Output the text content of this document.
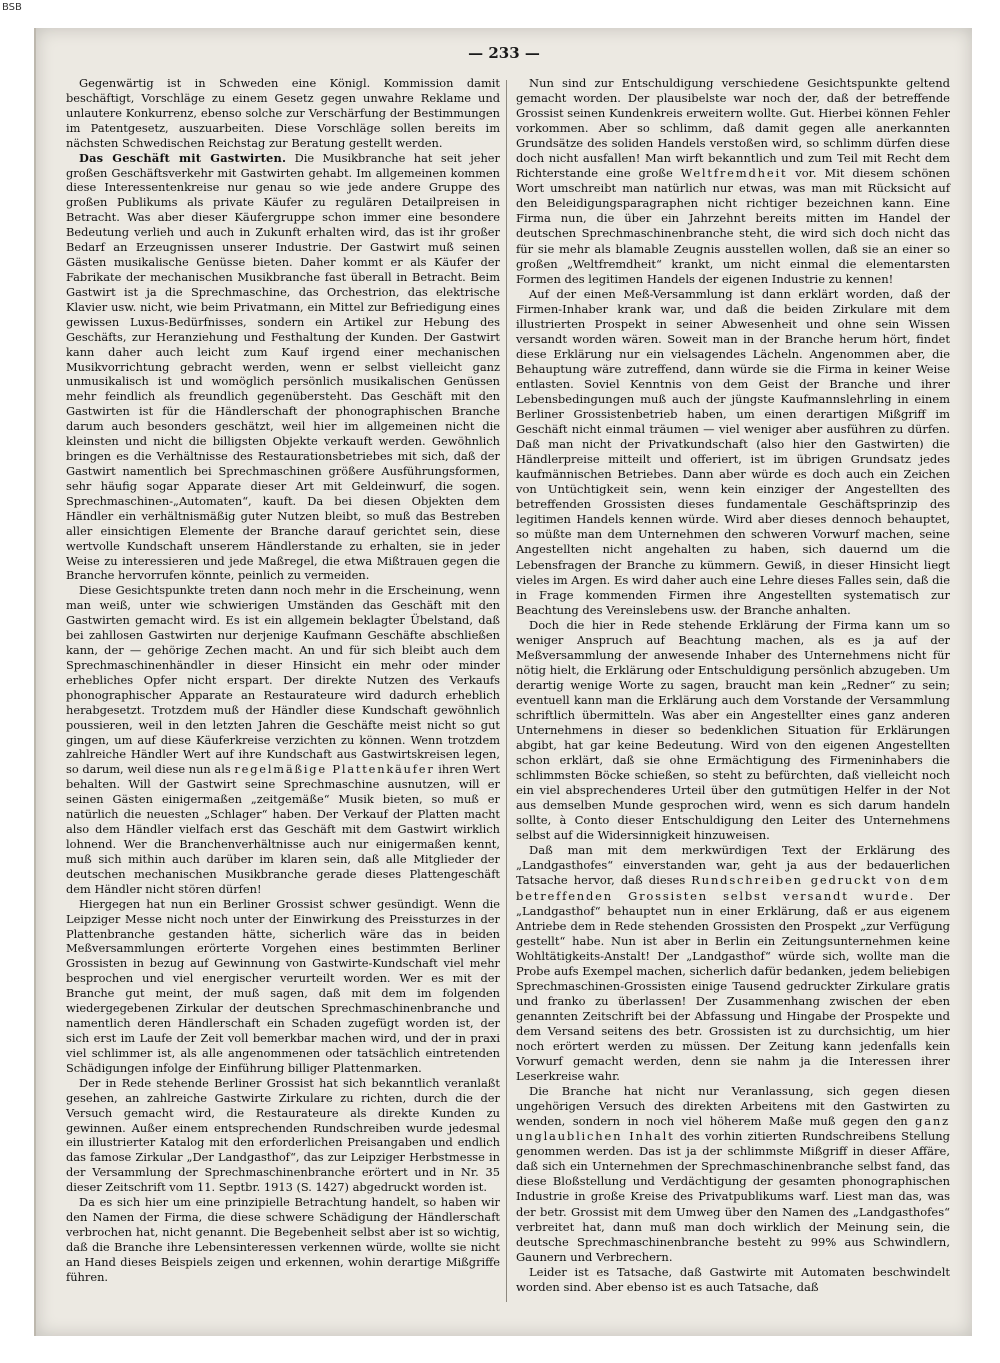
BSB
— 233 —

Gegenwärtig ist in Schweden eine Königl. Kommission damit beschäftigt, Vorschläge zu einem Gesetz gegen unwahre Reklame und unlautere Konkurrenz, ebenso solche zur Verschärfung der Bestimmungen im Patentgesetz, auszuarbeiten. Diese Vorschläge sollen bereits im nächsten Schwedischen Reichstag zur Beratung gestellt werden.

Das Geschäft mit Gastwirten. Die Musikbranche hat seit jeher großen Geschäftsverkehr mit Gastwirten gehabt. Im allgemeinen kommen diese Interessentenkreise nur genau so wie jede andere Gruppe des großen Publikums als private Käufer zu regulären Detailpreisen in Betracht. Was aber dieser Käufergruppe schon immer eine besondere Bedeutung verlieh und auch in Zukunft erhalten wird, das ist ihr großer Bedarf an Erzeugnissen unserer Industrie. Der Gastwirt muß seinen Gästen musikalische Genüsse bieten. Daher kommt er als Käufer der Fabrikate der mechanischen Musikbranche fast überall in Betracht. Beim Gastwirt ist ja die Sprechmaschine, das Orchestrion, das elektrische Klavier usw. nicht, wie beim Privatmann, ein Mittel zur Befriedigung eines gewissen Luxus-Bedürfnisses, sondern ein Artikel zur Hebung des Geschäfts, zur Heranziehung und Festhaltung der Kunden. Der Gastwirt kann daher auch leicht zum Kauf irgend einer mechanischen Musikvorrichtung gebracht werden, wenn er selbst vielleicht ganz unmusikalisch ist und womöglich persönlich musikalischen Genüssen mehr feindlich als freundlich gegenübersteht. Das Geschäft mit den Gastwirten ist für die Händlerschaft der phonographischen Branche darum auch besonders geschätzt, weil hier im allgemeinen nicht die kleinsten und nicht die billigsten Objekte verkauft werden. Gewöhnlich bringen es die Verhältnisse des Restaurationsbetriebes mit sich, daß der Gastwirt namentlich bei Sprechmaschinen größere Ausführungsformen, sehr häufig sogar Apparate dieser Art mit Geldeinwurf, die sogen. Sprechmaschinen-„Automaten“, kauft. Da bei diesen Objekten dem Händler ein verhältnismäßig guter Nutzen bleibt, so muß das Bestreben aller einsichtigen Elemente der Branche darauf gerichtet sein, diese wertvolle Kundschaft unserem Händlerstande zu erhalten, sie in jeder Weise zu interessieren und jede Maßregel, die etwa Mißtrauen gegen die Branche hervorrufen könnte, peinlich zu vermeiden.

Diese Gesichtspunkte treten dann noch mehr in die Erscheinung, wenn man weiß, unter wie schwierigen Umständen das Geschäft mit den Gastwirten gemacht wird. Es ist ein allgemein beklagter Übelstand, daß bei zahllosen Gastwirten nur derjenige Kaufmann Geschäfte abschließen kann, der — gehörige Zechen macht. An und für sich bleibt auch dem Sprechmaschinenhändler in dieser Hinsicht ein mehr oder minder erhebliches Opfer nicht erspart. Der direkte Nutzen des Verkaufs phonographischer Apparate an Restaurateure wird dadurch erheblich herabgesetzt. Trotzdem muß der Händler diese Kundschaft gewöhnlich poussieren, weil in den letzten Jahren die Geschäfte meist nicht so gut gingen, um auf diese Käuferkreise verzichten zu können. Wenn trotzdem zahlreiche Händler Wert auf ihre Kundschaft aus Gastwirtskreisen legen, so darum, weil diese nun als regelmäßige Plattenkäufer ihren Wert behalten. Will der Gastwirt seine Sprechmaschine ausnutzen, will er seinen Gästen einigermaßen „zeitgemäße“ Musik bieten, so muß er natürlich die neuesten „Schlager“ haben. Der Verkauf der Platten macht also dem Händler vielfach erst das Geschäft mit dem Gastwirt wirklich lohnend. Wer die Branchenverhältnisse auch nur einigermaßen kennt, muß sich mithin auch darüber im klaren sein, daß alle Mitglieder der deutschen mechanischen Musikbranche gerade dieses Plattengeschäft dem Händler nicht stören dürfen!

Hiergegen hat nun ein Berliner Grossist schwer gesündigt. Wenn die Leipziger Messe nicht noch unter der Einwirkung des Preissturzes in der Plattenbranche gestanden hätte, sicherlich wäre das in beiden Meßversammlungen erörterte Vorgehen eines bestimmten Berliner Grossisten in bezug auf Gewinnung von Gastwirte-Kundschaft viel mehr besprochen und viel energischer verurteilt worden. Wer es mit der Branche gut meint, der muß sagen, daß mit dem im folgenden wiedergegebenen Zirkular der deutschen Sprechmaschinenbranche und namentlich deren Händlerschaft ein Schaden zugefügt worden ist, der sich erst im Laufe der Zeit voll bemerkbar machen wird, und der in praxi viel schlimmer ist, als alle angenommenen oder tatsächlich eintretenden Schädigungen infolge der Einführung billiger Plattenmarken.

Der in Rede stehende Berliner Grossist hat sich bekanntlich veranlaßt gesehen, an zahlreiche Gastwirte Zirkulare zu richten, durch die der Versuch gemacht wird, die Restaurateure als direkte Kunden zu gewinnen. Außer einem entsprechenden Rundschreiben wurde jedesmal ein illustrierter Katalog mit den erforderlichen Preisangaben und endlich das famose Zirkular „Der Landgasthof“, das zur Leipziger Herbstmesse in der Versammlung der Sprechmaschinenbranche erörtert und in Nr. 35 dieser Zeitschrift vom 11. Septbr. 1913 (S. 1427) abgedruckt worden ist.

Da es sich hier um eine prinzipielle Betrachtung handelt, so haben wir den Namen der Firma, die diese schwere Schädigung der Händlerschaft verbrochen hat, nicht genannt. Die Begebenheit selbst aber ist so wichtig, daß die Branche ihre Lebensinteressen verkennen würde, wollte sie nicht an Hand dieses Beispiels zeigen und erkennen, wohin derartige Mißgriffe führen.

Nun sind zur Entschuldigung verschiedene Gesichtspunkte geltend gemacht worden. Der plausibelste war noch der, daß der betreffende Grossist seinen Kundenkreis erweitern wollte. Gut. Hierbei können Fehler vorkommen. Aber so schlimm, daß damit gegen alle anerkannten Grundsätze des soliden Handels verstoßen wird, so schlimm dürfen diese doch nicht ausfallen! Man wirft bekanntlich und zum Teil mit Recht dem Richterstande eine große Weltfremdheit vor. Mit diesem schönen Wort umschreibt man natürlich nur etwas, was man mit Rücksicht auf den Beleidigungsparagraphen nicht richtiger bezeichnen kann. Eine Firma nun, die über ein Jahrzehnt bereits mitten im Handel der deutschen Sprechmaschinenbranche steht, die wird sich doch nicht das für sie mehr als blamable Zeugnis ausstellen wollen, daß sie an einer so großen „Weltfremdheit“ krankt, um nicht einmal die elementarsten Formen des legitimen Handels der eigenen Industrie zu kennen!

Auf der einen Meß-Versammlung ist dann erklärt worden, daß der Firmen-Inhaber krank war, und daß die beiden Zirkulare mit dem illustrierten Prospekt in seiner Abwesenheit und ohne sein Wissen versandt worden wären. Soweit man in der Branche herum hört, findet diese Erklärung nur ein vielsagendes Lächeln. Angenommen aber, die Behauptung wäre zutreffend, dann würde sie die Firma in keiner Weise entlasten. Soviel Kenntnis von dem Geist der Branche und ihrer Lebensbedingungen muß auch der jüngste Kaufmannslehrling in einem Berliner Grossistenbetrieb haben, um einen derartigen Mißgriff im Geschäft nicht einmal träumen — viel weniger aber ausführen zu dürfen. Daß man nicht der Privatkundschaft (also hier den Gastwirten) die Händlerpreise mitteilt und offeriert, ist im übrigen Grundsatz jedes kaufmännischen Betriebes. Dann aber würde es doch auch ein Zeichen von Untüchtigkeit sein, wenn kein einziger der Angestellten des betreffenden Grossisten dieses fundamentale Geschäftsprinzip des legitimen Handels kennen würde. Wird aber dieses dennoch behauptet, so müßte man dem Unternehmen den schweren Vorwurf machen, seine Angestellten nicht angehalten zu haben, sich dauernd um die Lebensfragen der Branche zu kümmern. Gewiß, in dieser Hinsicht liegt vieles im Argen. Es wird daher auch eine Lehre dieses Falles sein, daß die in Frage kommenden Firmen ihre Angestellten systematisch zur Beachtung des Vereinslebens usw. der Branche anhalten.

Doch die hier in Rede stehende Erklärung der Firma kann um so weniger Anspruch auf Beachtung machen, als es ja auf der Meßversammlung der anwesende Inhaber des Unternehmens nicht für nötig hielt, die Erklärung oder Entschuldigung persönlich abzugeben. Um derartig wenige Worte zu sagen, braucht man kein „Redner“ zu sein; eventuell kann man die Erklärung auch dem Vorstande der Versammlung schriftlich übermitteln. Was aber ein Angestellter eines ganz anderen Unternehmens in dieser so bedenklichen Situation für Erklärungen abgibt, hat gar keine Bedeutung. Wird von den eigenen Angestellten schon erklärt, daß sie ohne Ermächtigung des Firmeninhabers die schlimmsten Böcke schießen, so steht zu befürchten, daß vielleicht noch ein viel absprechenderes Urteil über den gutmütigen Helfer in der Not aus demselben Munde gesprochen wird, wenn es sich darum handeln sollte, à Conto dieser Entschuldigung den Leiter des Unternehmens selbst auf die Widersinnigkeit hinzuweisen.

Daß man mit dem merkwürdigen Text der Erklärung des „Landgasthofes“ einverstanden war, geht ja aus der bedauerlichen Tatsache hervor, daß dieses Rundschreiben gedruckt von dem betreffenden Grossisten selbst versandt wurde. Der „Landgasthof“ behauptet nun in einer Erklärung, daß er aus eigenem Antriebe dem in Rede stehenden Grossisten den Prospekt „zur Verfügung gestellt“ habe. Nun ist aber in Berlin ein Zeitungsunternehmen keine Wohltätigkeits-Anstalt! Der „Landgasthof“ würde sich, wollte man die Probe aufs Exempel machen, sicherlich dafür bedanken, jedem beliebigen Sprechmaschinen-Grossisten einige Tausend gedruckter Zirkulare gratis und franko zu überlassen! Der Zusammenhang zwischen der eben genannten Zeitschrift bei der Abfassung und Hingabe der Prospekte und dem Versand seitens des betr. Grossisten ist zu durchsichtig, um hier noch erörtert werden zu müssen. Der Zeitung kann jedenfalls kein Vorwurf gemacht werden, denn sie nahm ja die Interessen ihrer Leserkreise wahr.

Die Branche hat nicht nur Veranlassung, sich gegen diesen ungehörigen Versuch des direkten Arbeitens mit den Gastwirten zu wenden, sondern in noch viel höherem Maße muß gegen den ganz unglaublichen Inhalt des vorhin zitierten Rundschreibens Stellung genommen werden. Das ist ja der schlimmste Mißgriff in dieser Affäre, daß sich ein Unternehmen der Sprechmaschinenbranche selbst fand, das diese Bloßstellung und Verdächtigung der gesamten phonographischen Industrie in große Kreise des Privatpublikums warf. Liest man das, was der betr. Grossist mit dem Umweg über den Namen des „Landgasthofes“ verbreitet hat, dann muß man doch wirklich der Meinung sein, die deutsche Sprechmaschinenbranche besteht zu 99% aus Schwindlern, Gaunern und Verbrechern.

Leider ist es Tatsache, daß Gastwirte mit Automaten beschwindelt worden sind. Aber ebenso ist es auch Tatsache, daß
